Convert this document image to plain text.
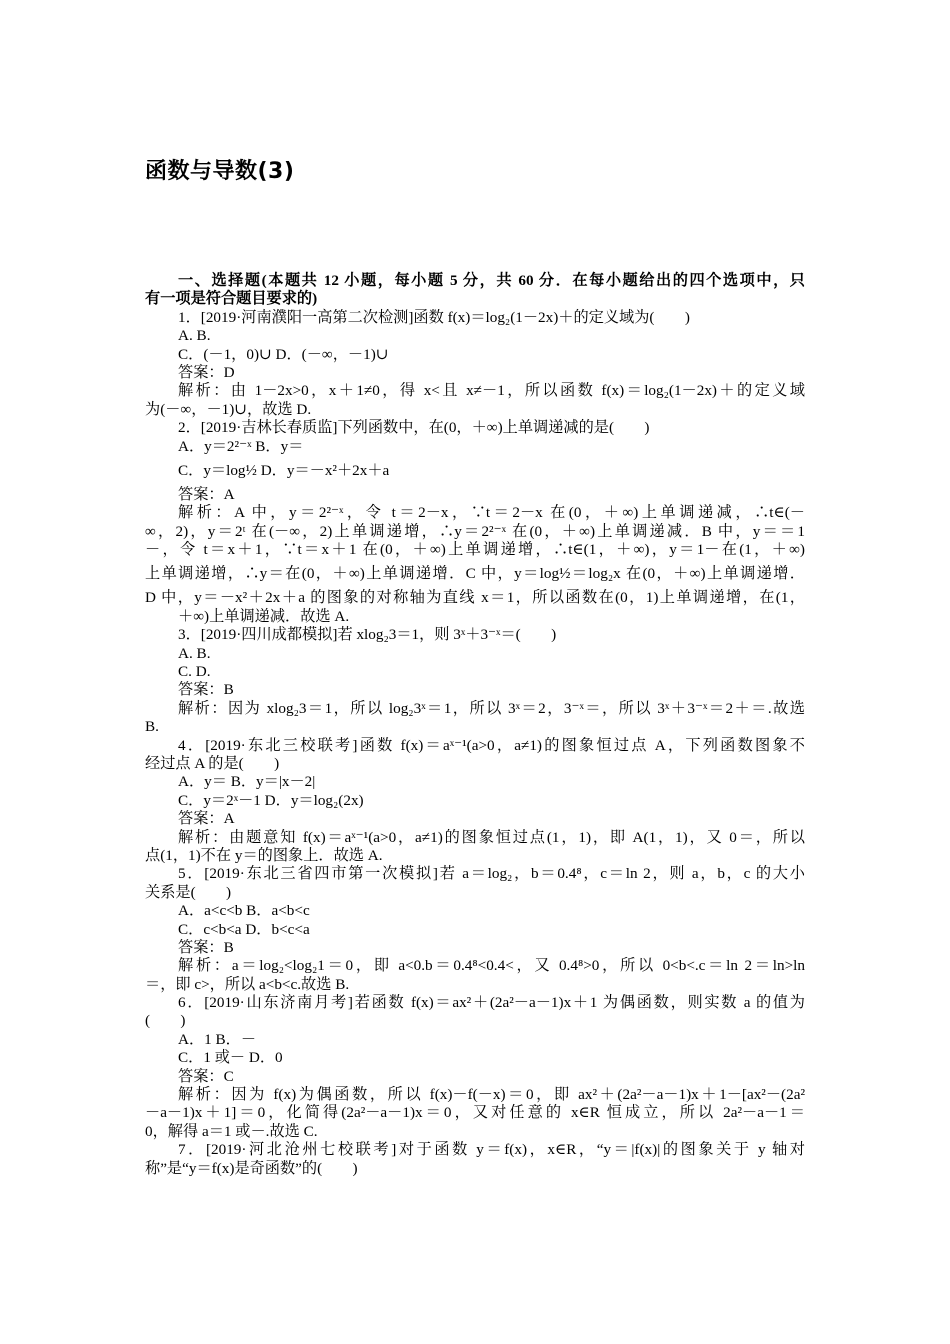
函数与导数(3)
一、选择题(本题共 12 小题，每小题 5 分，共 60 分．在每小题给出的四个选项中，只
有一项是符合题目要求的)
1．[2019·河南濮阳一高第二次检测]函数 f(x)＝log₂(1－2x)＋的定义域为(　　)
A. B.
C．(－1，0)∪ D．(－∞，－1)∪
答案：D
解析：由 1－2x>0，x＋1≠0，得 x<且 x≠－1，所以函数 f(x)＝log₂(1－2x)＋的定义域
为(－∞，－1)∪，故选 D.
2．[2019·吉林长春质监]下列函数中，在(0，＋∞)上单调递减的是(　　)
A．y＝2²⁻ˣ B．y＝
C．y＝log½ D．y＝－x²＋2x＋a
答案：A
解析：A 中，y＝2²⁻ˣ，令 t＝2－x，∵t＝2－x 在(0，＋∞)上单调递减，∴t∈(－
∞，2)，y＝2ᵗ 在(－∞，2)上单调递增，∴y＝2²⁻ˣ 在(0，＋∞)上单调递减．B 中，y＝＝1
－，令 t＝x＋1，∵t＝x＋1 在(0，＋∞)上单调递增，∴t∈(1，＋∞)，y＝1－在(1，＋∞)
上单调递增，∴y＝在(0，＋∞)上单调递增．C 中，y＝log½＝log₂x 在(0，＋∞)上单调递增．
D 中，y＝－x²＋2x＋a 的图象的对称轴为直线 x＝1，所以函数在(0，1)上单调递增，在(1，
＋∞)上单调递减．故选 A.
3．[2019·四川成都模拟]若 xlog₂3＝1，则 3ˣ＋3⁻ˣ＝(　　)
A. B.
C. D.
答案：B
解析：因为 xlog₂3＝1，所以 log₂3ˣ＝1，所以 3ˣ＝2，3⁻ˣ＝，所以 3ˣ＋3⁻ˣ＝2＋＝.故选
B.
4．[2019·东北三校联考]函数 f(x)＝aˣ⁻¹(a>0，a≠1)的图象恒过点 A，下列函数图象不
经过点 A 的是(　　)
A．y＝ B．y＝|x－2|
C．y＝2ˣ－1 D．y＝log₂(2x)
答案：A
解析：由题意知 f(x)＝aˣ⁻¹(a>0，a≠1)的图象恒过点(1，1)，即 A(1，1)，又 0＝，所以
点(1，1)不在 y＝的图象上．故选 A.
5．[2019·东北三省四市第一次模拟]若 a＝log₂，b＝0.4⁸，c＝ln 2，则 a，b，c 的大小
关系是(　　)
A．a<c<b B．a<b<c
C．c<b<a D．b<c<a
答案：B
解析：a＝log₂<log₂1＝0，即 a<0.b＝0.4⁸<0.4<，又 0.4⁸>0，所以 0<b<.c＝ln 2＝ln>ln
＝，即 c>，所以 a<b<c.故选 B.
6．[2019·山东济南月考]若函数 f(x)＝ax²＋(2a²－a－1)x＋1 为偶函数，则实数 a 的值为
(　　)
A．1 B．－
C．1 或－ D．0
答案：C
解析：因为 f(x)为偶函数，所以 f(x)－f(－x)＝0，即 ax²＋(2a²－a－1)x＋1－[ax²－(2a²
－a－1)x＋1]＝0，化简得(2a²－a－1)x＝0，又对任意的 x∈R 恒成立，所以 2a²－a－1＝
0，解得 a＝1 或－.故选 C.
7．[2019·河北沧州七校联考]对于函数 y＝f(x)，x∈R，“y＝|f(x)|的图象关于 y 轴对
称”是“y＝f(x)是奇函数”的(　　)
